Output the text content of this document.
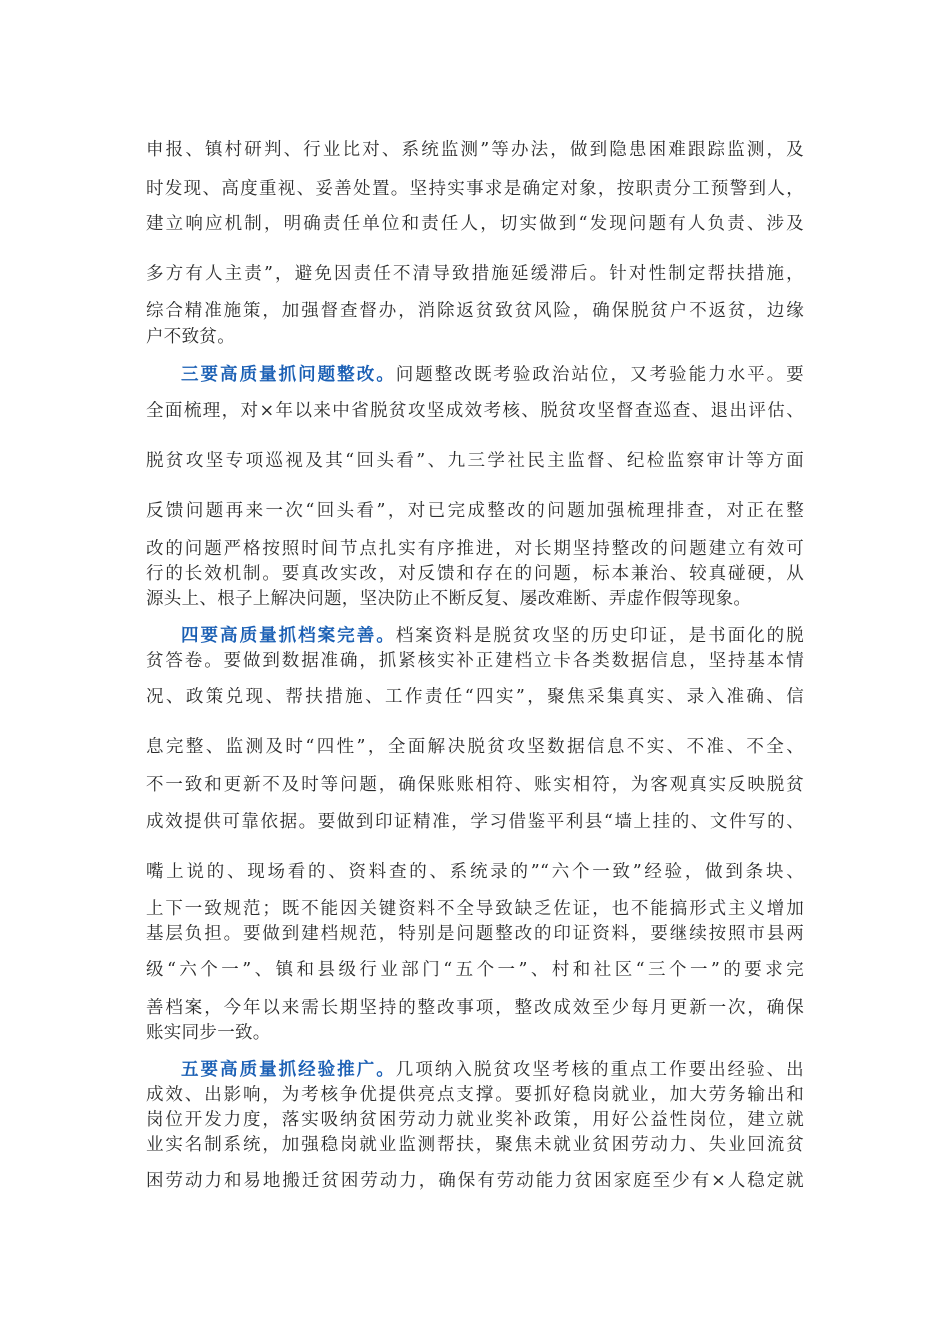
申报、镇村研判、行业比对、系统监测”等办法，做到隐患困难跟踪监测，及
时发现、高度重视、妥善处置。坚持实事求是确定对象，按职责分工预警到人，
建立响应机制，明确责任单位和责任人，切实做到“发现问题有人负责、涉及
多方有人主责”，避免因责任不清导致措施延缓滞后。针对性制定帮扶措施，
综合精准施策，加强督查督办，消除返贫致贫风险，确保脱贫户不返贫，边缘
户不致贫。
三要高质量抓问题整改。问题整改既考验政治站位，又考验能力水平。要
全面梳理，对×年以来中省脱贫攻坚成效考核、脱贫攻坚督查巡查、退出评估、
脱贫攻坚专项巡视及其“回头看”、九三学社民主监督、纪检监察审计等方面
反馈问题再来一次“回头看”，对已完成整改的问题加强梳理排查，对正在整
改的问题严格按照时间节点扎实有序推进，对长期坚持整改的问题建立有效可
行的长效机制。要真改实改，对反馈和存在的问题，标本兼治、较真碰硬，从
源头上、根子上解决问题，坚决防止不断反复、屡改难断、弄虚作假等现象。
四要高质量抓档案完善。档案资料是脱贫攻坚的历史印证，是书面化的脱
贫答卷。要做到数据准确，抓紧核实补正建档立卡各类数据信息，坚持基本情
况、政策兑现、帮扶措施、工作责任“四实”，聚焦采集真实、录入准确、信
息完整、监测及时“四性”，全面解决脱贫攻坚数据信息不实、不准、不全、
不一致和更新不及时等问题，确保账账相符、账实相符，为客观真实反映脱贫
成效提供可靠依据。要做到印证精准，学习借鉴平利县“墙上挂的、文件写的、
嘴上说的、现场看的、资料查的、系统录的”“六个一致”经验，做到条块、
上下一致规范；既不能因关键资料不全导致缺乏佐证，也不能搞形式主义增加
基层负担。要做到建档规范，特别是问题整改的印证资料，要继续按照市县两
级“六个一”、镇和县级行业部门“五个一”、村和社区“三个一”的要求完
善档案，今年以来需长期坚持的整改事项，整改成效至少每月更新一次，确保
账实同步一致。
五要高质量抓经验推广。几项纳入脱贫攻坚考核的重点工作要出经验、出
成效、出影响，为考核争优提供亮点支撑。要抓好稳岗就业，加大劳务输出和
岗位开发力度，落实吸纳贫困劳动力就业奖补政策，用好公益性岗位，建立就
业实名制系统，加强稳岗就业监测帮扶，聚焦未就业贫困劳动力、失业回流贫
困劳动力和易地搬迁贫困劳动力，确保有劳动能力贫困家庭至少有×人稳定就
